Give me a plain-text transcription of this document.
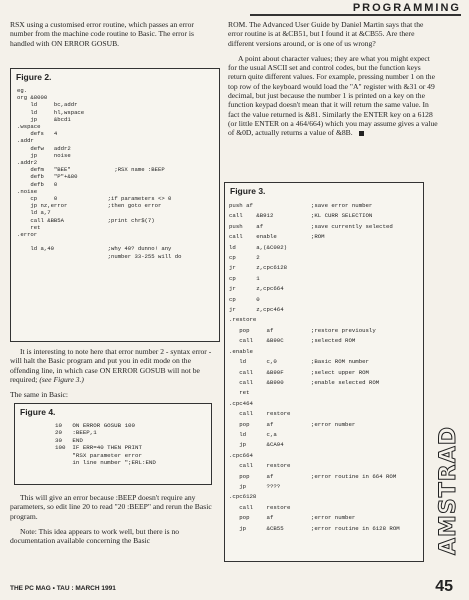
PROGRAMMING

RSX using a customised error routine, which passes an error number from the machine code routine to Basic. The error is handled with ON ERROR GOSUB.

Figure 2.
eg.
org &8000
ld     bc,addr
ld     hl,wspace
jp     &bcd1
.wspace
defs   4
.addr
defw   addr2
jp     noise
.addr2
defm   "BEE"             ;RSX name :BEEP
defb   "P"+&80
defb   0
.noise
cp     0               ;if parameters <> 0
jp nz,error            ;then goto error
ld a,7
call &BB5A             ;print chr$(7)
ret
.error

ld a,40                ;why 40? dunno! any
;number 33-255 will do

It is interesting to note here that error number 2 - syntax error - will halt the Basic program and put you in edit mode on the offending line, in which case ON ERROR GOSUB will not be required; (see Figure 3.)

The same in Basic:

Figure 4.
10   ON ERROR GOSUB 100
20   :BEEP,1
30   END
100  IF ERR=40 THEN PRINT
"RSX parameter error
in line number ";ERL:END

This will give an error because :BEEP doesn't require any parameters, so edit line 20 to read "20 :BEEP" and rerun the Basic program.

Note: This idea appears to work well, but there is no documentation available concerning the Basic

ROM. The Advanced User Guide by Daniel Martin says that the error routine is at &CB51, but I found it at &CB55. Are there different versions around, or is one of us wrong?

A point about character values; they are what you might expect for the usual ASCII set and control codes, but the function keys return quite different values. For example, pressing number 1 on the top row of the keyboard would load the "A" register with &31 or 49 decimal, but just because the number 1 is printed on a key on the function keypad doesn't mean that it will return the same value. In fact the value returned is &81. Similarly the ENTER key on a 6128 (or little ENTER on a 464/664) which you may assume gives a value of &0D, actually returns a value of &8B.

Figure 3.
push af                 ;save error number
call    &B912           ;KL CURR SELECTION
push    af              ;save currently selected
call    enable          ;ROM
ld      a,(&C002)
cp      2
jr      z,cpc6128
cp      1
jr      z,cpc664
cp      0
jr      z,cpc464
.restore
pop     af           ;restore previously
call    &B90C        ;selected ROM
.enable
ld      c,0          ;Basic ROM number
call    &B90F        ;select upper ROM
call    &B900        ;enable selected ROM
ret
.cpc464
call    restore
pop     af           ;error number
ld      c,a
jp      &CA94
.cpc664
call    restore
pop     af           ;error routine in 664 ROM
jp      ????
.cpc6128
call    restore
pop     af           ;error number
jp      &CB55        ;error routine in 6128 ROM	AMSTRAD
THE PC MAG • TAU : MARCH 1991	45
